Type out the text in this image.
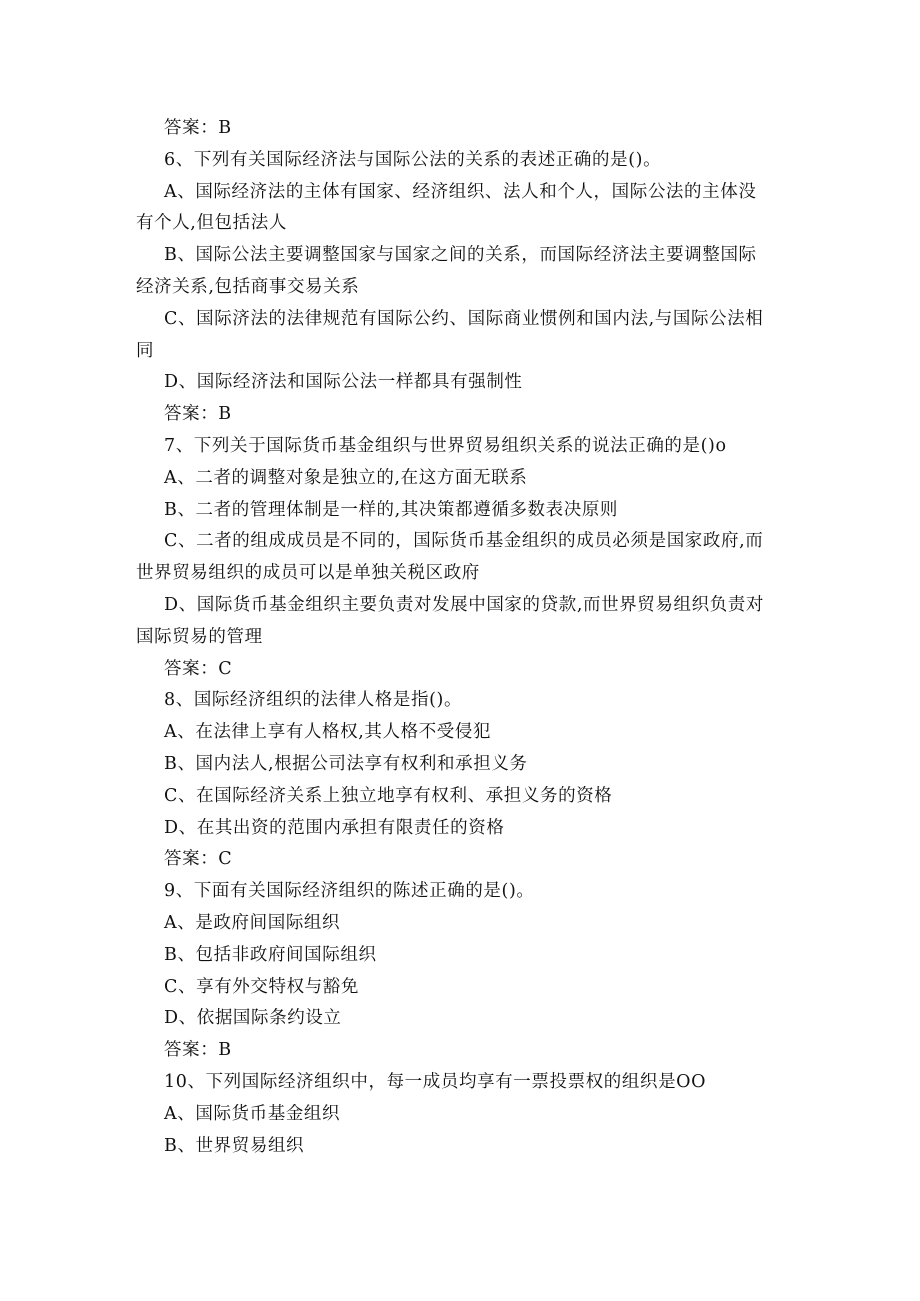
答案：B
6、下列有关国际经济法与国际公法的关系的表述正确的是()。
A、国际经济法的主体有国家、经济组织、法人和个人，国际公法的主体没
有个人,但包括法人
B、国际公法主要调整国家与国家之间的关系，而国际经济法主要调整国际
经济关系,包括商事交易关系
C、国际济法的法律规范有国际公约、国际商业惯例和国内法,与国际公法相
同
D、国际经济法和国际公法一样都具有强制性
答案：B
7、下列关于国际货币基金组织与世界贸易组织关系的说法正确的是()o
A、二者的调整对象是独立的,在这方面无联系
B、二者的管理体制是一样的,其决策都遵循多数表决原则
C、二者的组成成员是不同的，国际货币基金组织的成员必须是国家政府,而
世界贸易组织的成员可以是单独关税区政府
D、国际货币基金组织主要负责对发展中国家的贷款,而世界贸易组织负责对
国际贸易的管理
答案：C
8、国际经济组织的法律人格是指()。
A、在法律上享有人格权,其人格不受侵犯
B、国内法人,根据公司法享有权利和承担义务
C、在国际经济关系上独立地享有权利、承担义务的资格
D、在其出资的范围内承担有限责任的资格
答案：C
9、下面有关国际经济组织的陈述正确的是()。
A、是政府间国际组织
B、包括非政府间国际组织
C、享有外交特权与豁免
D、依据国际条约设立
答案：B
10、下列国际经济组织中，每一成员均享有一票投票权的组织是OO
A、国际货币基金组织
B、世界贸易组织
